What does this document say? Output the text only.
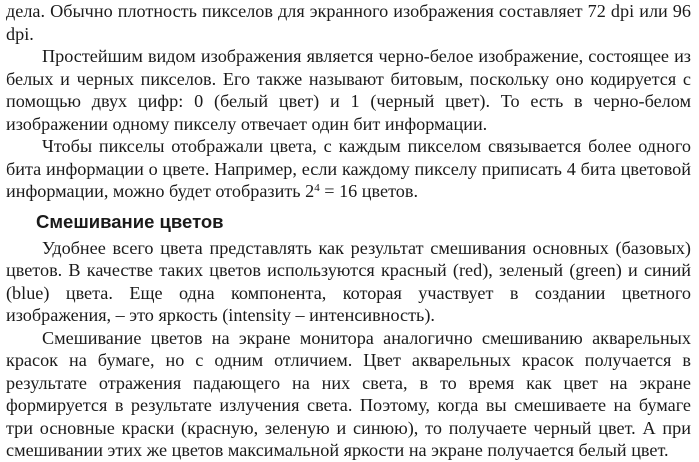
дела. Обычно плотность пикселов для экранного изображения составляет 72 dpi или 96 dpi.

Простейшим видом изображения является черно-белое изображение, состоящее из белых и черных пикселов. Его также называют битовым, поскольку оно кодируется с помощью двух цифр: 0 (белый цвет) и 1 (черный цвет). То есть в черно-белом изображении одному пикселу отвечает один бит информации.

Чтобы пикселы отображали цвета, с каждым пикселом связывается более одного бита информации о цвете. Например, если каждому пикселу приписать 4 бита цветовой информации, можно будет отобразить $2^4 = 16$ цветов.

Смешивание цветов

Удобнее всего цвета представлять как результат смешивания основных (базовых) цветов. В качестве таких цветов используются красный (red), зеленый (green) и синий (blue) цвета. Еще одна компонента, которая участвует в создании цветного изображения, – это яркость (intensity – интенсивность).

Смешивание цветов на экране монитора аналогично смешиванию акварельных красок на бумаге, но с одним отличием. Цвет акварельных красок получается в результате отражения падающего на них света, в то время как цвет на экране формируется в результате излучения света. Поэтому, когда вы смешиваете на бумаге три основные краски (красную, зеленую и синюю), то получаете черный цвет. А при смешивании этих же цветов максимальной яркости на экране получается белый цвет.
